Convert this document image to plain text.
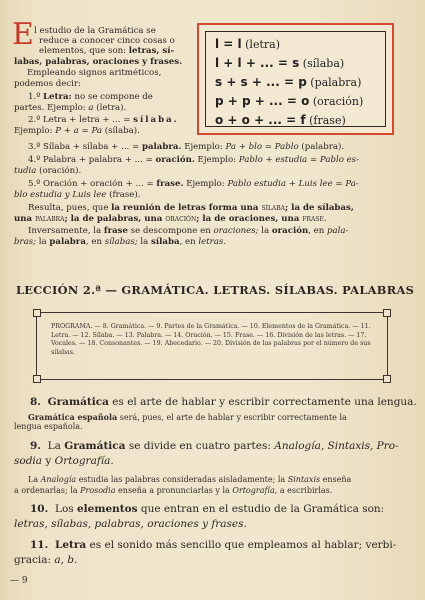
E l estudio de la Gramática se
reduce a conocer cinco cosas o
elementos, que son: letras, sí-
labas, palabras, oraciones y frases.
Empleando signos aritméticos,
podemos decir:
1.º Letra: no se compone de
partes. Ejemplo: a (letra).
2.º Letra + letra + ... = sílaba.
Ejemplo: P + a = Pa (sílaba).
3.º Sílaba + sílaba + ... = palabra. Ejemplo: Pa + blo = Pablo (palabra).
4.º Palabra + palabra + ... = oración. Ejemplo: Pablo + estudia = Pablo es-
tudia (oración).
5.º Oración + oración + ... = frase. Ejemplo: Pablo estudia + Luis lee = Pa-
blo estudia y Luis lee (frase).
Resulta, pues, que la reunión de letras forma una sílaba; la de sílabas,
una palabra; la de palabras, una oración; la de oraciones, una frase.
Inversamente, la frase se descompone en oraciones; la oración, en pala-
bras; la palabra, en sílabas; la sílaba, en letras.
l = l (letra)
l + l + ... = s (sílaba)
s + s + ... = p (palabra)
p + p + ... = o (oración)
o + o + ... = f (frase)
LECCIÓN 2.ª — GRAMÁTICA. LETRAS. SÍLABAS. PALABRAS
PROGRAMA. — 8. Gramática. — 9. Partes de la Gramática. — 10. Elementos de la Gramática. — 11. Letra. — 12. Sílaba. — 13. Palabra. — 14. Oración. — 15. Frase. — 16. División de las letras. — 17. Vocales. — 18. Consonantes. — 19. Abecedario. — 20. División de las palabras por el número de sus sílabas.
8. Gramática es el arte de hablar y escribir correctamente una lengua.
Gramática española será, pues, el arte de hablar y escribir correctamente la
lengua española.
9. La Gramática se divide en cuatro partes: Analogía, Sintaxis, Pro-
sodia y Ortografía.
La Analogía estudia las palabras consideradas aisladamente; la Sintaxis enseña
a ordenarlas; la Prosodia enseña a pronunciarlas y la Ortografía, a escribirlas.
10. Los elementos que entran en el estudio de la Gramática son:
letras, sílabas, palabras, oraciones y frases.
11. Letra es el sonido más sencillo que empleamos al hablar; verbi-
gracia: a, b.
— 9
